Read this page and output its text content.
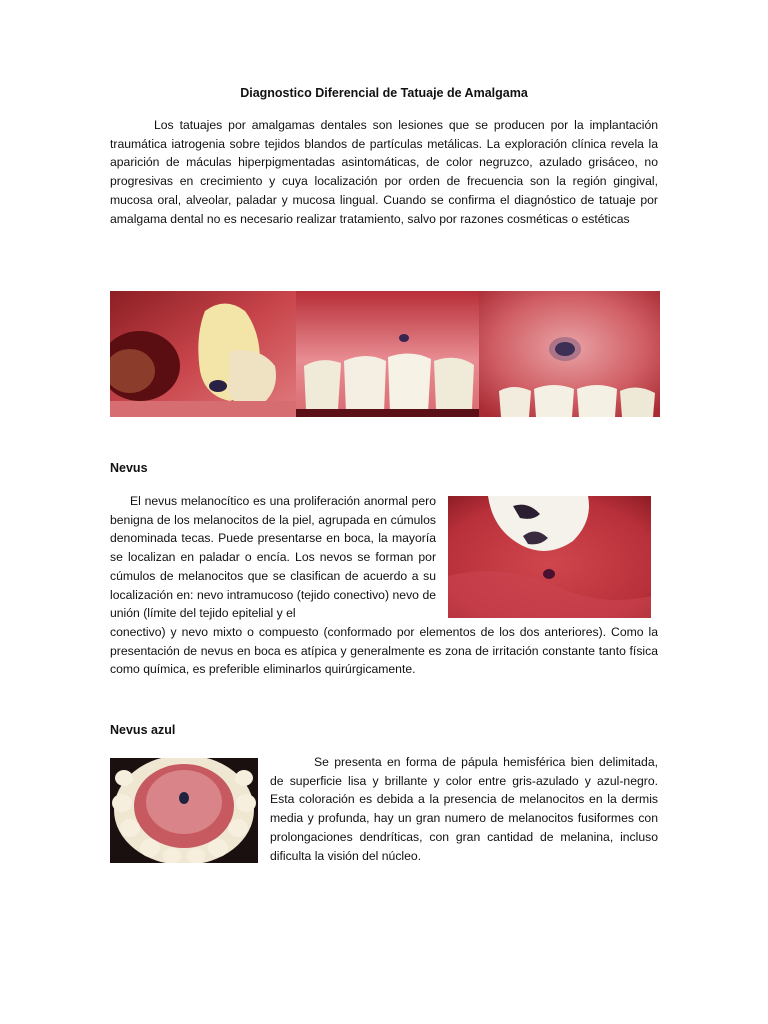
Diagnostico Diferencial de Tatuaje de Amalgama

Los tatuajes por amalgamas dentales son lesiones que se producen por la implantación traumática iatrogenia sobre tejidos blandos de partículas metálicas. La exploración clínica revela la aparición de máculas hiperpigmentadas asintomáticas, de color negruzco, azulado grisáceo, no progresivas en crecimiento y cuya localización por orden de frecuencia son la región gingival, mucosa oral, alveolar, paladar y mucosa lingual. Cuando se confirma el diagnóstico de tatuaje por amalgama dental no es necesario realizar tratamiento, salvo por razones cosméticas o estéticas

Nevus

El nevus melanocítico es una proliferación anormal pero benigna de los melanocitos de la piel, agrupada en cúmulos denominada tecas. Puede presentarse en boca, la mayoría se localizan en paladar o encía. Los nevos se forman por cúmulos de melanocitos que se clasifican de acuerdo a su localización en: nevo intramucoso (tejido conectivo) nevo de unión (límite del tejido epitelial y el

conectivo) y nevo mixto o compuesto (conformado por elementos de los dos anteriores). Como la presentación de nevus en boca es atípica y generalmente es zona de irritación constante tanto física como química, es preferible eliminarlos quirúrgicamente.

Nevus azul

Se presenta en forma de pápula hemisférica bien delimitada, de superficie lisa y brillante y color entre gris-azulado y azul-negro. Esta coloración es debida a la presencia de melanocitos en la dermis media y profunda, hay un gran numero de melanocitos fusiformes con prolongaciones dendríticas, con gran cantidad de melanina, incluso dificulta la visión del núcleo.
